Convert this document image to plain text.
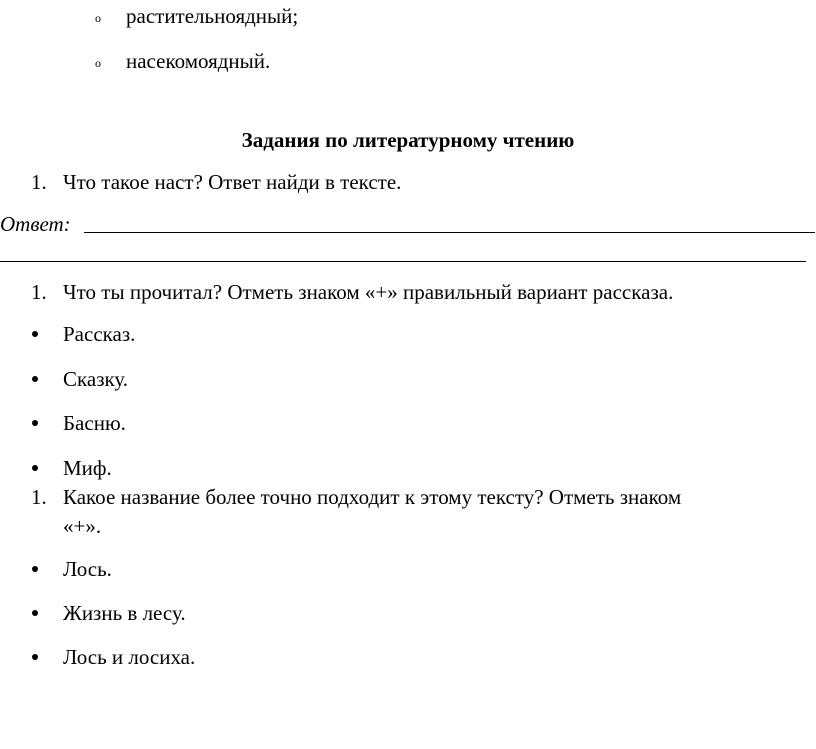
o растительноядный;
o насекомоядный.
Задания по литературному чтению
1. Что такое наст? Ответ найди в тексте.
Ответ:
1. Что ты прочитал? Отметь знаком «+» правильный вариант рассказа.
Рассказ.
Сказку.
Басню.
Миф.
1. Какое название более точно подходит к этому тексту? Отметь знаком
«+».
Лось.
Жизнь в лесу.
Лось и лосиха.
